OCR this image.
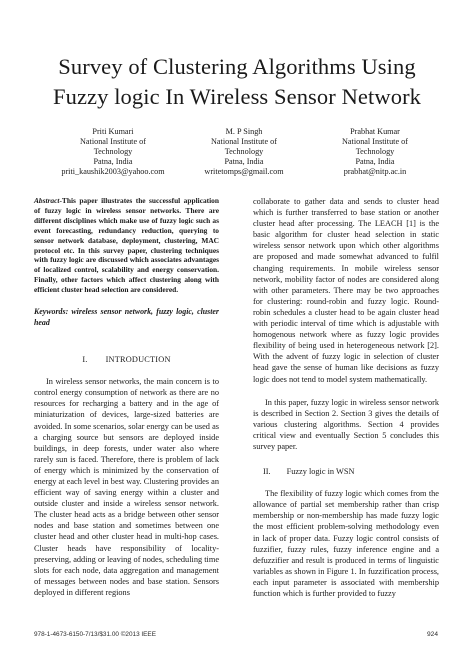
Survey of Clustering Algorithms Using Fuzzy logic In Wireless Sensor Network
Priti Kumari
National Institute of
Technology
Patna, India
priti_kaushik2003@yahoo.com
M. P Singh
National Institute of
Technology
Patna, India
writetomps@gmail.com
Prabhat Kumar
National Institute of
Technology
Patna, India
prabhat@nitp.ac.in

Abstract-This paper illustrates the successful application of fuzzy logic in wireless sensor networks. There are different disciplines which make use of fuzzy logic such as event forecasting, redundancy reduction, querying to sensor network database, deployment, clustering, MAC protocol etc. In this survey paper, clustering techniques with fuzzy logic are discussed which associates advantages of localized control, scalability and energy conservation. Finally, other factors which affect clustering along with efficient cluster head selection are considered.

Keywords: wireless sensor network, fuzzy logic, cluster head

I. INTRODUCTION

In wireless sensor networks, the main concern is to control energy consumption of network as there are no resources for recharging a battery and in the age of miniaturization of devices, large-sized batteries are avoided. In some scenarios, solar energy can be used as a charging source but sensors are deployed inside buildings, in deep forests, under water also where rarely sun is faced. Therefore, there is problem of lack of energy which is minimized by the conservation of energy at each level in best way. Clustering provides an efficient way of saving energy within a cluster and outside cluster and inside a wireless sensor network. The cluster head acts as a bridge between other sensor nodes and base station and sometimes between one cluster head and other cluster head in multi-hop cases. Cluster heads have responsibility of locality-preserving, adding or leaving of nodes, scheduling time slots for each node, data aggregation and management of messages between nodes and base station. Sensors deployed in different regions

collaborate to gather data and sends to cluster head which is further transferred to base station or another cluster head after processing. The LEACH [1] is the basic algorithm for cluster head selection in static wireless sensor network upon which other algorithms are proposed and made somewhat advanced to fulfil changing requirements. In mobile wireless sensor network, mobility factor of nodes are considered along with other parameters. There may be two approaches for clustering: round-robin and fuzzy logic. Round-robin schedules a cluster head to be again cluster head with periodic interval of time which is adjustable with homogenous network where as fuzzy logic provides flexibility of being used in heterogeneous network [2]. With the advent of fuzzy logic in selection of cluster head gave the sense of human like decisions as fuzzy logic does not tend to model system mathematically.

In this paper, fuzzy logic in wireless sensor network is described in Section 2. Section 3 gives the details of various clustering algorithms. Section 4 provides critical view and eventually Section 5 concludes this survey paper.

II. Fuzzy logic in WSN

The flexibility of fuzzy logic which comes from the allowance of partial set membership rather than crisp membership or non-membership has made fuzzy logic the most efficient problem-solving methodology even in lack of proper data. Fuzzy logic control consists of fuzzifier, fuzzy rules, fuzzy inference engine and a defuzzifier and result is produced in terms of linguistic variables as shown in Figure 1. In fuzzification process, each input parameter is associated with membership function which is further provided to fuzzy

978-1-4673-6150-7/13/$31.00 ©2013 IEEE	924
